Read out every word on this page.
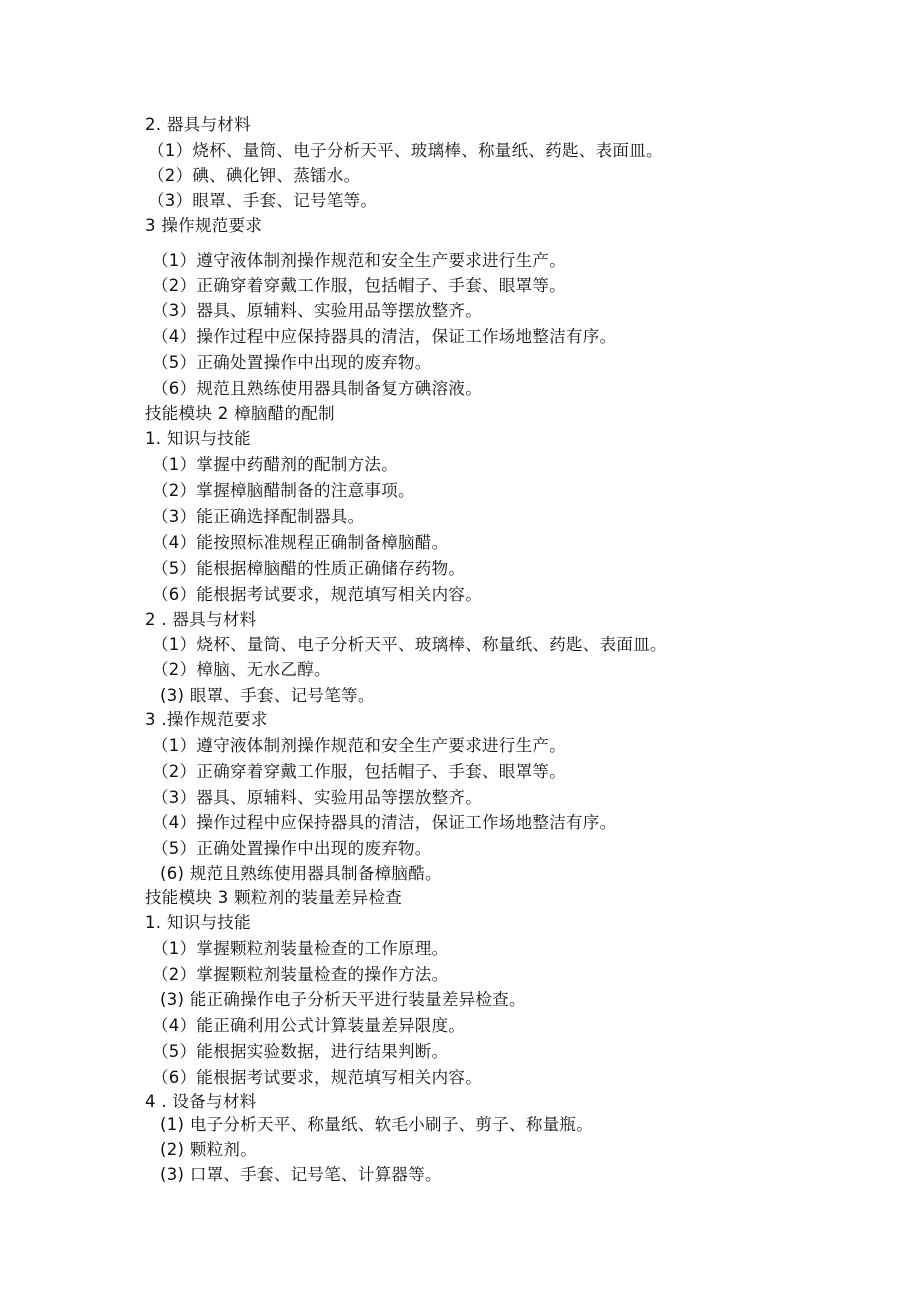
2. 器具与材料
（1）烧杯、量筒、电子分析天平、玻璃棒、称量纸、药匙、表面皿。
（2）碘、碘化钾、蒸镭水。
（3）眼罩、手套、记号笔等。
3 操作规范要求
（1）遵守液体制剂操作规范和安全生产要求进行生产。
（2）正确穿着穿戴工作服，包括帽子、手套、眼罩等。
（3）器具、原辅料、实验用品等摆放整齐。
（4）操作过程中应保持器具的清洁，保证工作场地整洁有序。
（5）正确处置操作中出现的废弃物。
（6）规范且熟练使用器具制备复方碘溶液。
技能模块 2 樟脑醋的配制
1. 知识与技能
（1）掌握中药醋剂的配制方法。
（2）掌握樟脑醋制备的注意事项。
（3）能正确选择配制器具。
（4）能按照标准规程正确制备樟脑醋。
（5）能根据樟脑醋的性质正确储存药物。
（6）能根据考试要求，规范填写相关内容。
2 . 器具与材料
（1）烧杯、量筒、电子分析天平、玻璃棒、称量纸、药匙、表面皿。
（2）樟脑、无水乙醇。
(3) 眼罩、手套、记号笔等。
3 .操作规范要求
（1）遵守液体制剂操作规范和安全生产要求进行生产。
（2）正确穿着穿戴工作服，包括帽子、手套、眼罩等。
（3）器具、原辅料、实验用品等摆放整齐。
（4）操作过程中应保持器具的清洁，保证工作场地整洁有序。
（5）正确处置操作中出现的废弃物。
(6) 规范且熟练使用器具制备樟脑酷。
技能模块 3 颗粒剂的装量差异检查
1. 知识与技能
（1）掌握颗粒剂装量检查的工作原理。
（2）掌握颗粒剂装量检查的操作方法。
(3) 能正确操作电子分析天平进行装量差异检查。
（4）能正确利用公式计算装量差异限度。
（5）能根据实验数据，进行结果判断。
（6）能根据考试要求，规范填写相关内容。
4 . 设备与材料
(1) 电子分析天平、称量纸、软毛小刷子、剪子、称量瓶。
(2) 颗粒剂。
(3) 口罩、手套、记号笔、计算器等。
